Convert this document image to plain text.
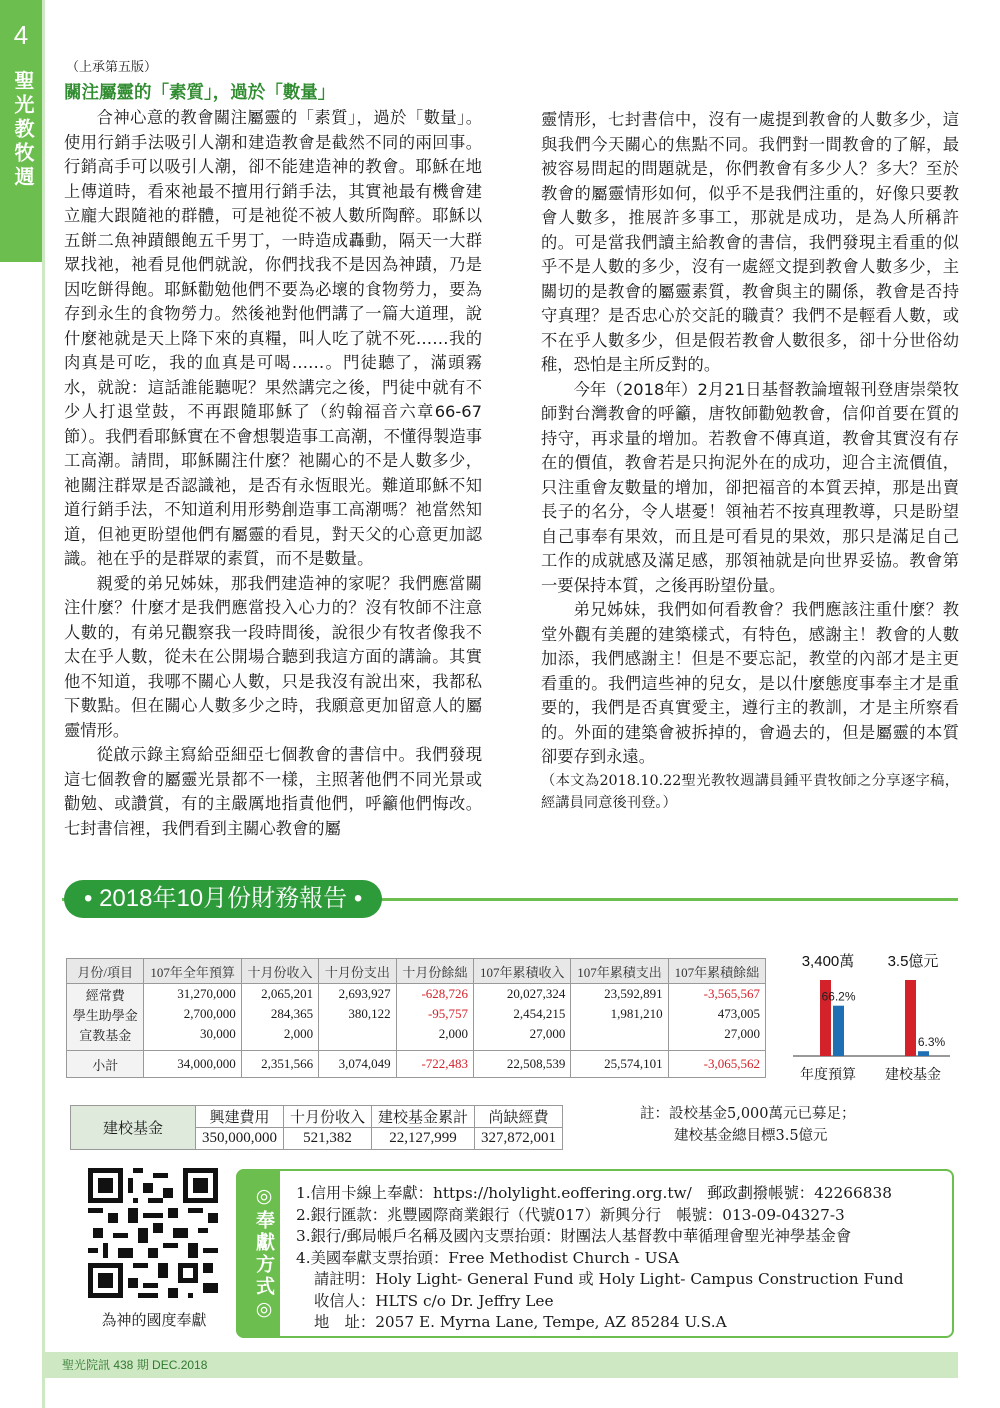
4
聖光教牧週
（上承第五版）
關注屬靈的「素質」，過於「數量」

合神心意的教會關注屬靈的「素質」，過於「數量」。使用行銷手法吸引人潮和建造教會是截然不同的兩回事。行銷高手可以吸引人潮，卻不能建造神的教會。耶穌在地上傳道時，看來祂最不擅用行銷手法，其實祂最有機會建立龐大跟隨祂的群體，可是祂從不被人數所陶醉。耶穌以五餅二魚神蹟餵飽五千男丁，一時造成轟動，隔天一大群眾找祂，祂看見他們就說，你們找我不是因為神蹟，乃是因吃餅得飽。耶穌勸勉他們不要為必壞的食物勞力，要為存到永生的食物勞力。然後祂對他們講了一篇大道理，說什麼祂就是天上降下來的真糧，叫人吃了就不死……我的肉真是可吃，我的血真是可喝……。門徒聽了，滿頭霧水，就說：這話誰能聽呢？果然講完之後，門徒中就有不少人打退堂鼓，不再跟隨耶穌了（約翰福音六章66-67節）。我們看耶穌實在不會想製造事工高潮，不懂得製造事工高潮。請問，耶穌關注什麼？祂關心的不是人數多少，祂關注群眾是否認識祂，是否有永恆眼光。難道耶穌不知道行銷手法，不知道利用形勢創造事工高潮嗎？祂當然知道，但祂更盼望他們有屬靈的看見，對天父的心意更加認識。祂在乎的是群眾的素質，而不是數量。

親愛的弟兄姊妹，那我們建造神的家呢？我們應當關注什麼？什麼才是我們應當投入心力的？沒有牧師不注意人數的，有弟兄觀察我一段時間後，說很少有牧者像我不太在乎人數，從未在公開場合聽到我這方面的講論。其實他不知道，我哪不關心人數，只是我沒有說出來，我都私下數點。但在關心人數多少之時，我願意更加留意人的屬靈情形。

從啟示錄主寫給亞細亞七個教會的書信中。我們發現這七個教會的屬靈光景都不一樣，主照著他們不同光景或勸勉、或讚賞，有的主嚴厲地指責他們，呼籲他們悔改。七封書信裡，我們看到主關心教會的屬

靈情形，七封書信中，沒有一處提到教會的人數多少，這與我們今天關心的焦點不同。我們對一間教會的了解，最被容易問起的問題就是，你們教會有多少人？多大？至於教會的屬靈情形如何，似乎不是我們注重的，好像只要教會人數多，推展許多事工，那就是成功，是為人所稱許的。可是當我們讀主給教會的書信，我們發現主看重的似乎不是人數的多少，沒有一處經文提到教會人數多少，主關切的是教會的屬靈素質，教會與主的關係，教會是否持守真理？是否忠心於交託的職責？我們不是輕看人數，或不在乎人數多少，但是假若教會人數很多，卻十分世俗幼稚，恐怕是主所反對的。

今年（2018年）2月21日基督教論壇報刊登唐崇榮牧師對台灣教會的呼籲，唐牧師勸勉教會，信仰首要在質的持守，再求量的增加。若教會不傳真道，教會其實沒有存在的價值，教會若是只拘泥外在的成功，迎合主流價值，只注重會友數量的增加，卻把福音的本質丟掉，那是出賣長子的名分，令人堪憂！領袖若不按真理教導，只是盼望自己事奉有果效，而且是可看見的果效，那只是滿足自己工作的成就感及滿足感，那領袖就是向世界妥協。教會第一要保持本質，之後再盼望份量。

弟兄姊妹，我們如何看教會？我們應該注重什麼？教堂外觀有美麗的建築樣式，有特色，感謝主！教會的人數加添，我們感謝主！但是不要忘記，教堂的內部才是主更看重的。我們這些神的兒女，是以什麼態度事奉主才是重要的，我們是否真實愛主，遵行主的教訓，才是主所察看的。外面的建築會被拆掉的，會過去的，但是屬靈的本質卻要存到永遠。

（本文為2018.10.22聖光教牧週講員鍾平貴牧師之分享逐字稿，經講員同意後刊登。）

• 2018年10月份財務報告 •
月份/項目	107年全年預算	十月份收入	十月份支出	十月份餘絀	107年累積收入	107年累積支出	107年累積餘絀
經常費	31,270,000	2,065,201	2,693,927	-628,726	20,027,324	23,592,891	-3,565,567
學生助學金	2,700,000	284,365	380,122	-95,757	2,454,215	1,981,210	473,005
宣教基金	30,000	2,000		2,000	27,000		27,000

小計	34,000,000	2,351,566	3,074,049	-722,483	22,508,539	25,574,101	-3,065,562
66.2%
3,400萬
年度預算
6.3%
3.5億元
建校基金
建校基金	興建費用	十月份收入	建校基金累計	尚缺經費
	350,000,000	521,382	22,127,999	327,872,001
註：設校基金5,000萬元已募足；
建校基金總目標3.5億元
為神的國度奉獻	◎奉獻方式◎ 1.信用卡線上奉獻：https://holylight.eoffering.org.tw/　郵政劃撥帳號：42266838
2.銀行匯款：兆豐國際商業銀行（代號017）新興分行　帳號：013-09-04327-3
3.銀行/郵局帳戶名稱及國內支票抬頭：財團法人基督教中華循理會聖光神學基金會
4.美國奉獻支票抬頭：Free Methodist Church - USA
請註明：Holy Light- General Fund 或 Holy Light- Campus Construction Fund
收信人：HLTS c/o Dr. Jeffry Lee
地　址：2057 E. Myrna Lane, Tempe, AZ 85284 U.S.A
聖光院訊 438 期 DEC.2018
